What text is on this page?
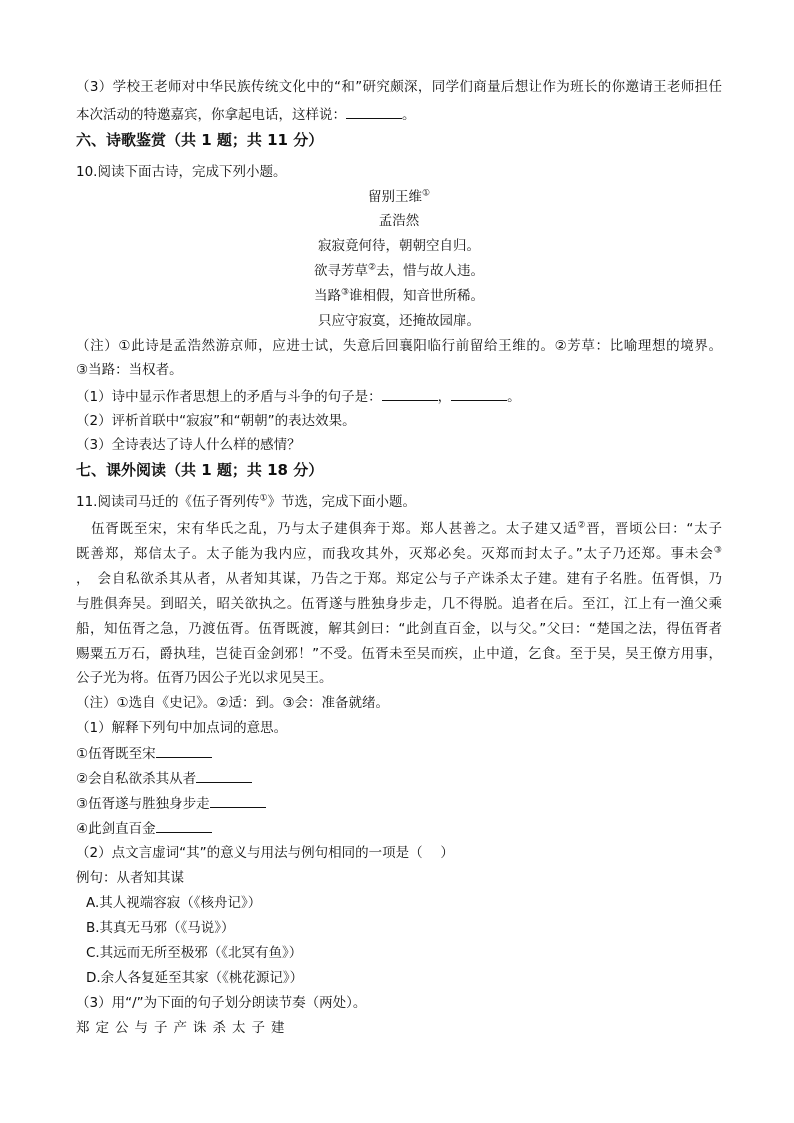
（3）学校王老师对中华民族传统文化中的“和”研究颇深，同学们商量后想让作为班长的你邀请王老师担任
本次活动的特邀嘉宾，你拿起电话，这样说：	。
六、诗歌鉴赏（共 1 题；共 11 分）
10.阅读下面古诗，完成下列小题。
留别王维①
孟浩然
寂寂竟何待，朝朝空自归。
欲寻芳草②去，惜与故人违。
当路③谁相假，知音世所稀。
只应守寂寞，还掩故园扉。
（注）①此诗是孟浩然游京师，应进士试，失意后回襄阳临行前留给王维的。②芳草：比喻理想的境界。
③当路：当权者。
（1）诗中显示作者思想上的矛盾与斗争的句子是：	，	。
（2）评析首联中“寂寂”和“朝朝”的表达效果。
（3）全诗表达了诗人什么样的感情？
七、课外阅读（共 1 题；共 18 分）
11.阅读司马迁的《伍子胥列传①》节选，完成下面小题。
伍胥既至宋，宋有华氏之乱，乃与太子建俱奔于郑。郑人甚善之。太子建又适②晋，晋顷公曰：“太子
既善郑，郑信太子。太子能为我内应，而我攻其外，灭郑必矣。灭郑而封太子。”太子乃还郑。事未会③
，　会自私欲杀其从者，从者知其谋，乃告之于郑。郑定公与子产诛杀太子建。建有子名胜。伍胥惧，乃
与胜俱奔吴。到昭关，昭关欲执之。伍胥遂与胜独身步走，几不得脱。追者在后。至江，江上有一渔父乘
船，知伍胥之急，乃渡伍胥。伍胥既渡，解其剑曰：“此剑直百金，以与父。”父曰：“楚国之法，得伍胥者
赐粟五万石，爵执珪，岂徒百金剑邪！”不受。伍胥未至吴而疾，止中道，乞食。至于吴，吴王僚方用事，
公子光为将。伍胥乃因公子光以求见吴王。
（注）①选自《史记》。②适：到。③会：准备就绪。
（1）解释下列句中加点词的意思。
①伍胥既至宋
②会自私欲杀其从者
③伍胥遂与胜独身步走
④此剑直百金
（2）点文言虚词“其”的意义与用法与例句相同的一项是（　 ）
例句：从者知其谋
A.其人视端容寂（《核舟记》）
B.其真无马邪（《马说》）
C.其远而无所至极邪（《北冥有鱼》）
D.余人各复延至其家（《桃花源记》）
（3）用“/”为下面的句子划分朗读节奏（两处）。
郑定公与子产诛杀太子建
